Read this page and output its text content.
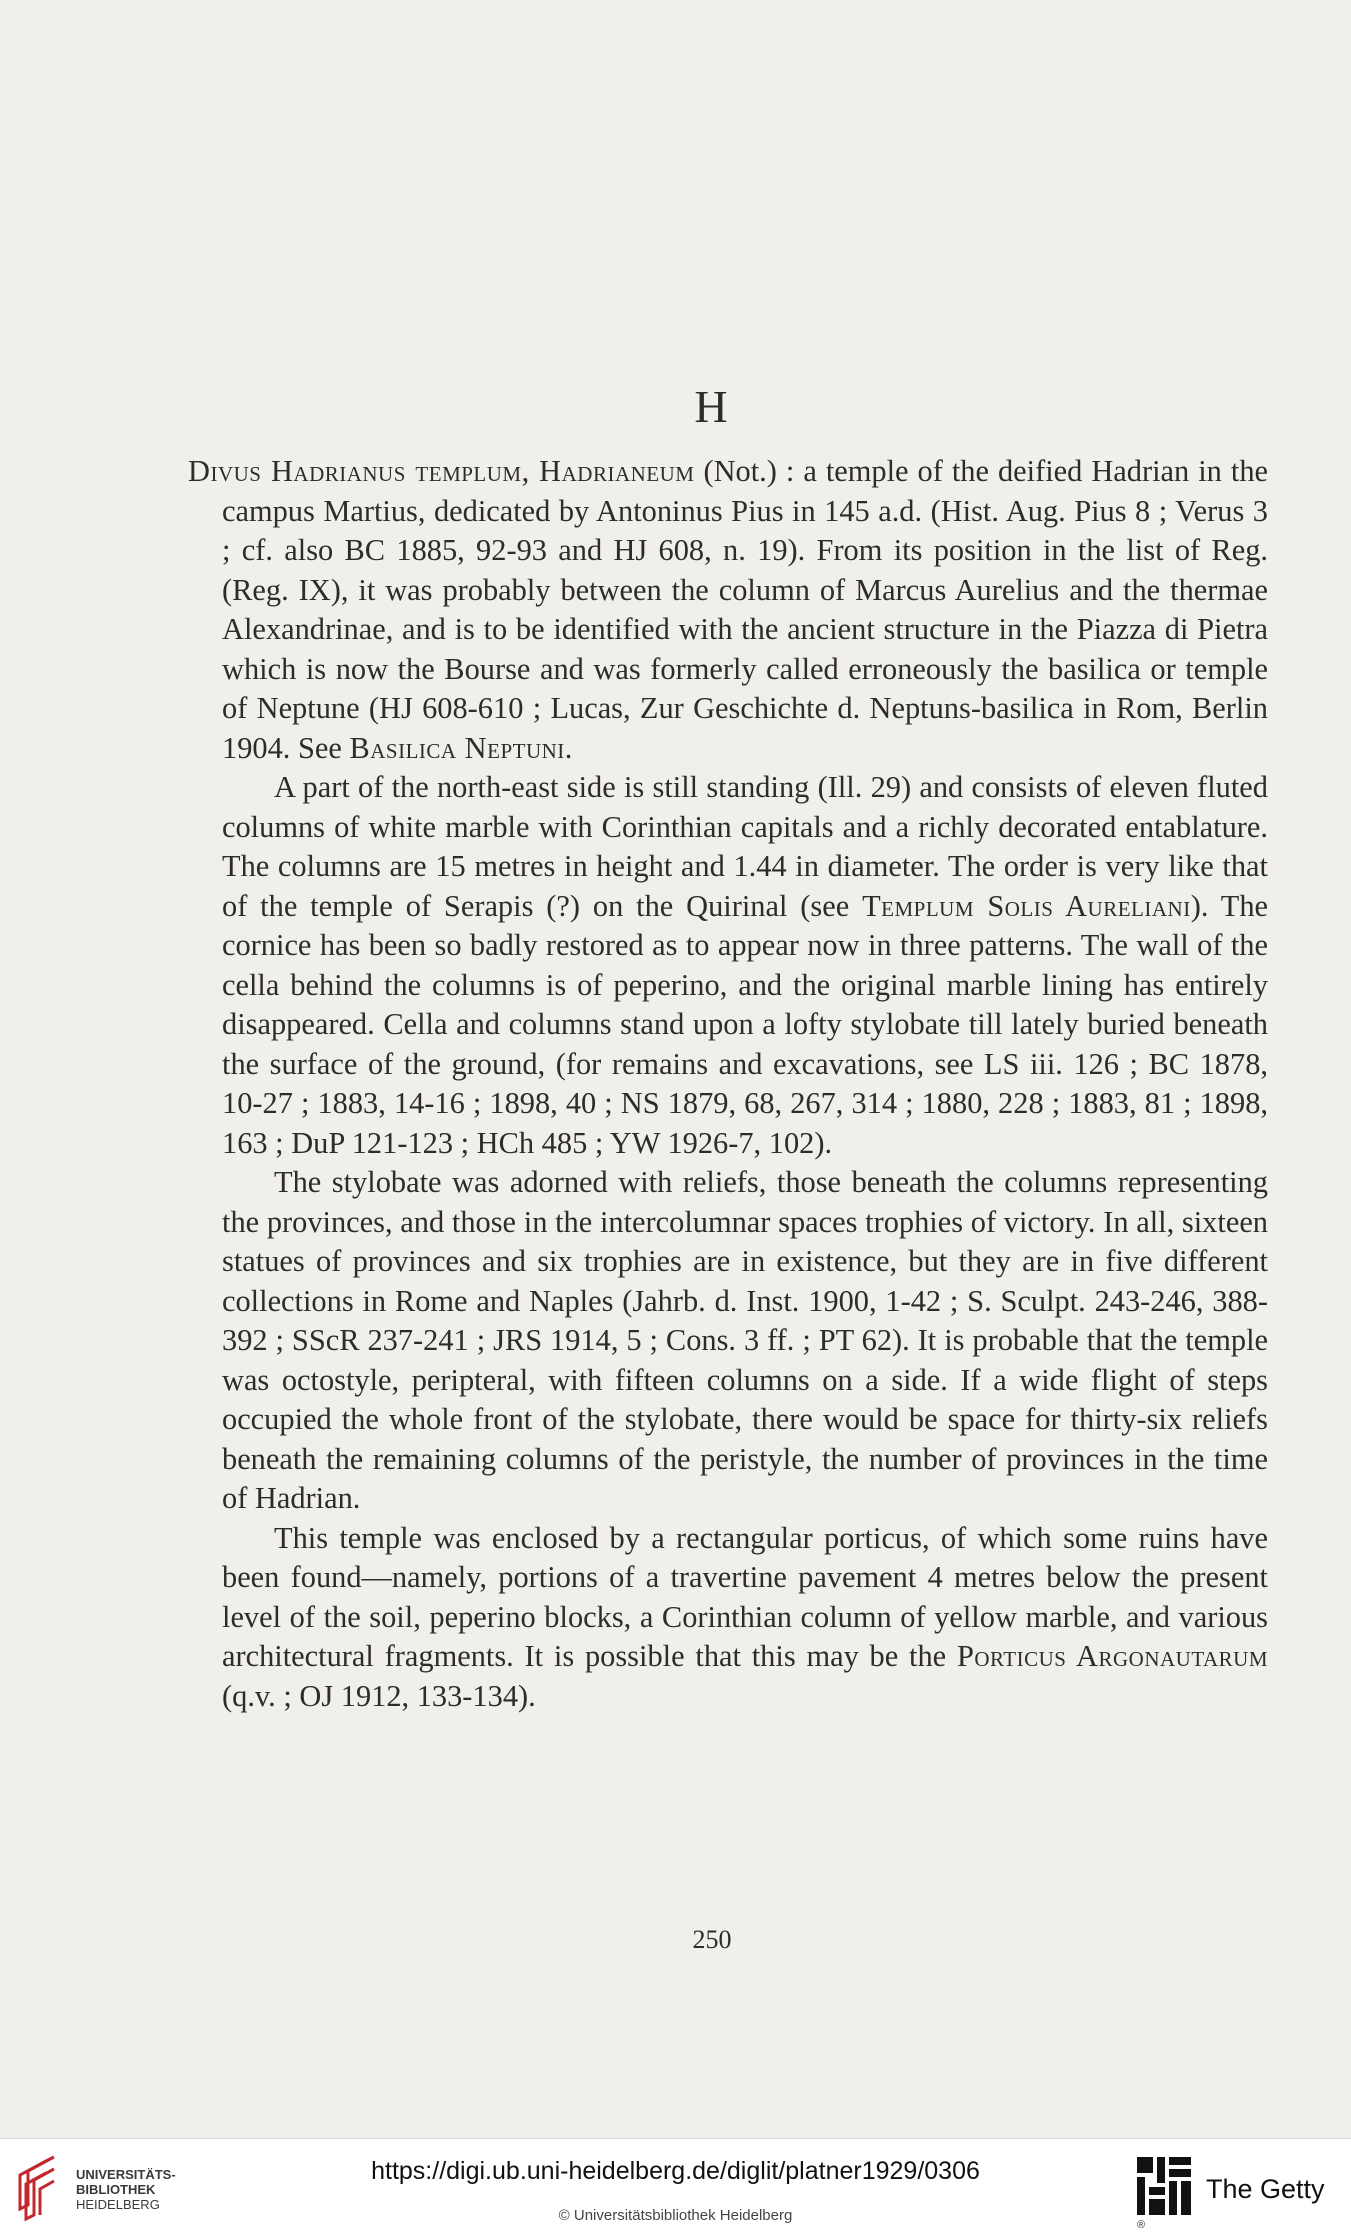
H

Divus Hadrianus templum, Hadrianeum (Not.) : a temple of the deified Hadrian in the campus Martius, dedicated by Antoninus Pius in 145 a.d. (Hist. Aug. Pius 8 ; Verus 3 ; cf. also BC 1885, 92-93 and HJ 608, n. 19). From its position in the list of Reg. (Reg. IX), it was probably between the column of Marcus Aurelius and the thermae Alexandrinae, and is to be identified with the ancient structure in the Piazza di Pietra which is now the Bourse and was formerly called erroneously the basilica or temple of Neptune (HJ 608-610 ; Lucas, Zur Geschichte d. Neptuns-basilica in Rom, Berlin 1904. See Basilica Neptuni.

A part of the north-east side is still standing (Ill. 29) and consists of eleven fluted columns of white marble with Corinthian capitals and a richly decorated entablature. The columns are 15 metres in height and 1.44 in diameter. The order is very like that of the temple of Serapis (?) on the Quirinal (see Templum Solis Aureliani). The cornice has been so badly restored as to appear now in three patterns. The wall of the cella behind the columns is of peperino, and the original marble lining has entirely disappeared. Cella and columns stand upon a lofty stylobate till lately buried beneath the surface of the ground, (for remains and excavations, see LS iii. 126 ; BC 1878, 10-27 ; 1883, 14-16 ; 1898, 40 ; NS 1879, 68, 267, 314 ; 1880, 228 ; 1883, 81 ; 1898, 163 ; DuP 121-123 ; HCh 485 ; YW 1926-7, 102).

The stylobate was adorned with reliefs, those beneath the columns representing the provinces, and those in the intercolumnar spaces trophies of victory. In all, sixteen statues of provinces and six trophies are in existence, but they are in five different collections in Rome and Naples (Jahrb. d. Inst. 1900, 1-42 ; S. Sculpt. 243-246, 388-392 ; SScR 237-241 ; JRS 1914, 5 ; Cons. 3 ff. ; PT 62). It is probable that the temple was octostyle, peripteral, with fifteen columns on a side. If a wide flight of steps occupied the whole front of the stylobate, there would be space for thirty-six reliefs beneath the remaining columns of the peristyle, the number of provinces in the time of Hadrian.

This temple was enclosed by a rectangular porticus, of which some ruins have been found—namely, portions of a travertine pavement 4 metres below the present level of the soil, peperino blocks, a Corinthian column of yellow marble, and various architectural fragments. It is possible that this may be the Porticus Argonautarum (q.v. ; OJ 1912, 133-134).

250
UNIVERSITÄTS-
BIBLIOTHEK
HEIDELBERG
https://digi.ub.uni-heidelberg.de/diglit/platner1929/0306
© Universitätsbibliothek Heidelberg
The Getty
®
